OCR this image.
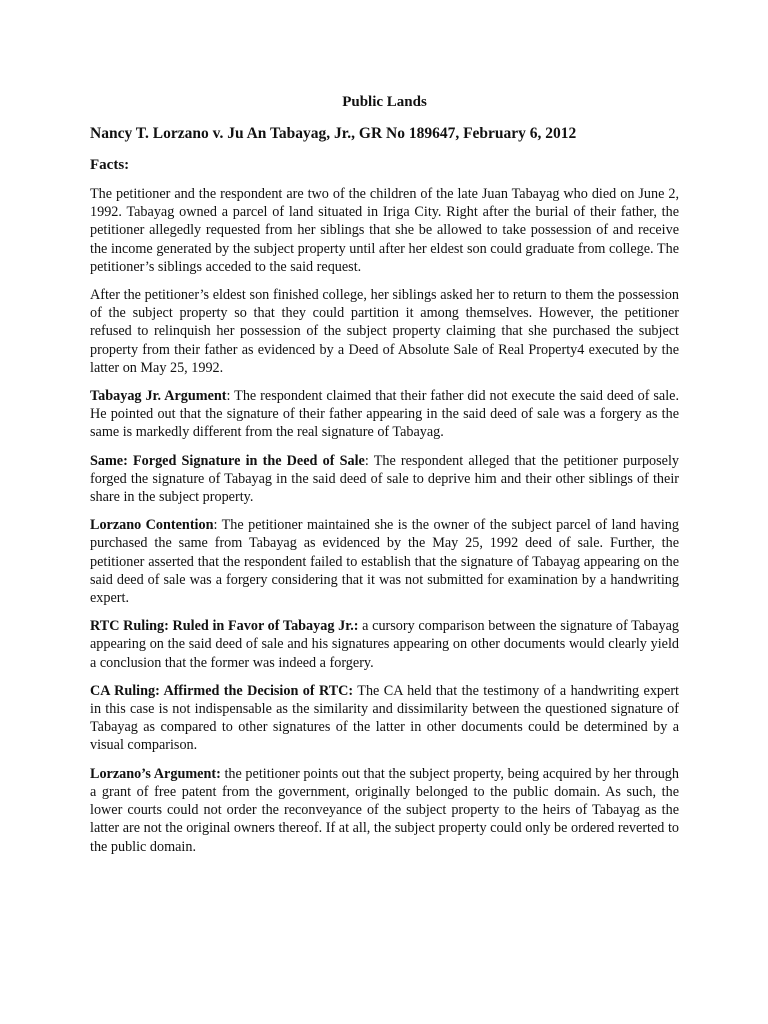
Public Lands
Nancy T. Lorzano v. Ju An Tabayag, Jr., GR No 189647, February 6, 2012
Facts:

The petitioner and the respondent are two of the children of the late Juan Tabayag who died on June 2, 1992. Tabayag owned a parcel of land situated in Iriga City. Right after the burial of their father, the petitioner allegedly requested from her siblings that she be allowed to take possession of and receive the income generated by the subject property until after her eldest son could graduate from college. The petitioner’s siblings acceded to the said request.

After the petitioner’s eldest son finished college, her siblings asked her to return to them the possession of the subject property so that they could partition it among themselves. However, the petitioner refused to relinquish her possession of the subject property claiming that she purchased the subject property from their father as evidenced by a Deed of Absolute Sale of Real Property4 executed by the latter on May 25, 1992.

Tabayag Jr. Argument: The respondent claimed that their father did not execute the said deed of sale. He pointed out that the signature of their father appearing in the said deed of sale was a forgery as the same is markedly different from the real signature of Tabayag.

Same: Forged Signature in the Deed of Sale: The respondent alleged that the petitioner purposely forged the signature of Tabayag in the said deed of sale to deprive him and their other siblings of their share in the subject property.

Lorzano Contention: The petitioner maintained she is the owner of the subject parcel of land having purchased the same from Tabayag as evidenced by the May 25, 1992 deed of sale. Further, the petitioner asserted that the respondent failed to establish that the signature of Tabayag appearing on the said deed of sale was a forgery considering that it was not submitted for examination by a handwriting expert.

RTC Ruling: Ruled in Favor of Tabayag Jr.: a cursory comparison between the signature of Tabayag appearing on the said deed of sale and his signatures appearing on other documents would clearly yield a conclusion that the former was indeed a forgery.

CA Ruling: Affirmed the Decision of RTC: The CA held that the testimony of a handwriting expert in this case is not indispensable as the similarity and dissimilarity between the questioned signature of Tabayag as compared to other signatures of the latter in other documents could be determined by a visual comparison.

Lorzano’s Argument: the petitioner points out that the subject property, being acquired by her through a grant of free patent from the government, originally belonged to the public domain. As such, the lower courts could not order the reconveyance of the subject property to the heirs of Tabayag as the latter are not the original owners thereof. If at all, the subject property could only be ordered reverted to the public domain.
